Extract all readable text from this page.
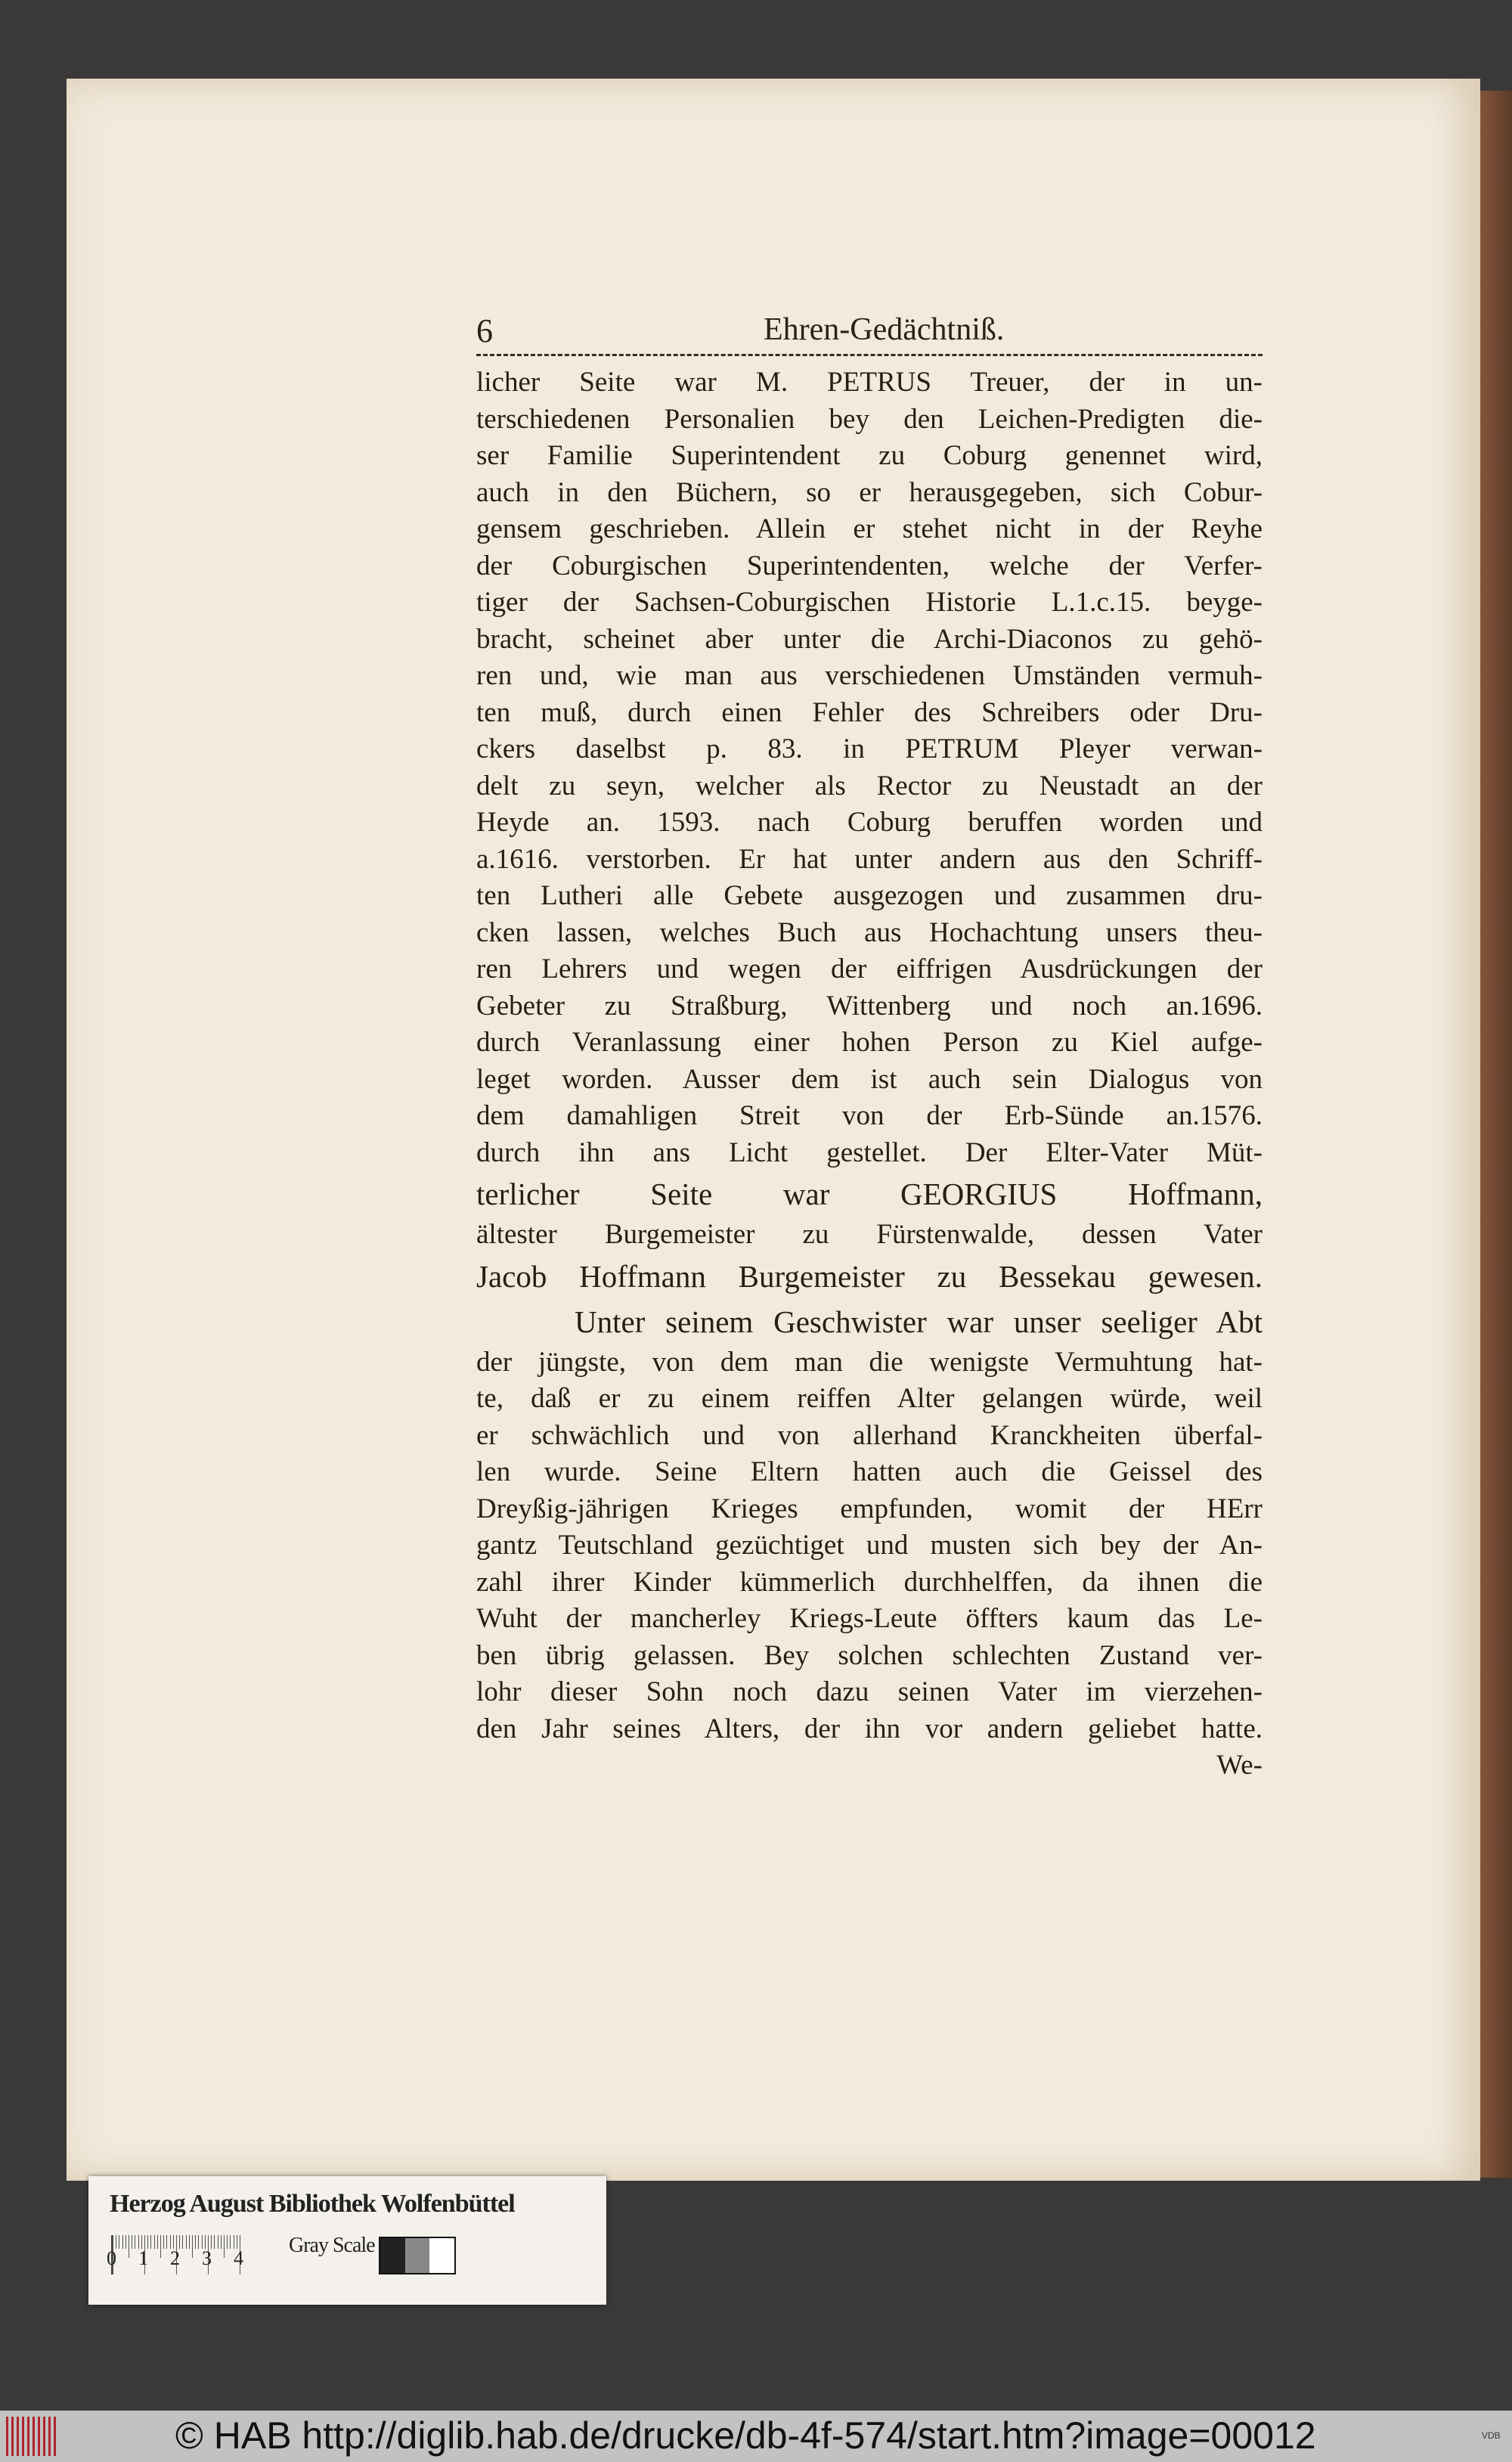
6	Ehren-Gedächtniß.
licher Seite war M. PETRUS Treuer, der in un-
terschiedenen Personalien bey den Leichen-Predigten die-
ser Familie Superintendent zu Coburg genennet wird,
auch in den Büchern, so er herausgegeben, sich Cobur-
gensem geschrieben. Allein er stehet nicht in der Reyhe
der Coburgischen Superintendenten, welche der Verfer-
tiger der Sachsen-Coburgischen Historie L.1.c.15. beyge-
bracht, scheinet aber unter die Archi-Diaconos zu gehö-
ren und, wie man aus verschiedenen Umständen vermuh-
ten muß, durch einen Fehler des Schreibers oder Dru-
ckers daselbst p. 83. in PETRUM Pleyer verwan-
delt zu seyn, welcher als Rector zu Neustadt an der
Heyde an. 1593. nach Coburg beruffen worden und
a.1616. verstorben. Er hat unter andern aus den Schriff-
ten Lutheri alle Gebete ausgezogen und zusammen dru-
cken lassen, welches Buch aus Hochachtung unsers theu-
ren Lehrers und wegen der eiffrigen Ausdrückungen der
Gebeter zu Straßburg, Wittenberg und noch an.1696.
durch Veranlassung einer hohen Person zu Kiel aufge-
leget worden. Ausser dem ist auch sein Dialogus von
dem damahligen Streit von der Erb-Sünde an.1576.
durch ihn ans Licht gestellet. Der Elter-Vater Müt-
terlicher Seite war GEORGIUS Hoffmann,
ältester Burgemeister zu Fürstenwalde, dessen Vater
Jacob Hoffmann Burgemeister zu Bessekau gewesen.
Unter seinem Geschwister war unser seeliger Abt
der jüngste, von dem man die wenigste Vermuhtung hat-
te, daß er zu einem reiffen Alter gelangen würde, weil
er schwächlich und von allerhand Kranckheiten überfal-
len wurde. Seine Eltern hatten auch die Geissel des
Dreyßig-jährigen Krieges empfunden, womit der HErr
gantz Teutschland gezüchtiget und musten sich bey der An-
zahl ihrer Kinder kümmerlich durchhelffen, da ihnen die
Wuht der mancherley Kriegs-Leute öffters kaum das Le-
ben übrig gelassen. Bey solchen schlechten Zustand ver-
lohr dieser Sohn noch dazu seinen Vater im vierzehen-
den Jahr seines Alters, der ihn vor andern geliebet hatte.
We-
Herzog August Bibliothek Wolfenbüttel
0 1 2 3 4
Gray Scale
© HAB http://diglib.hab.de/drucke/db-4f-574/start.htm?image=00012	VDB
